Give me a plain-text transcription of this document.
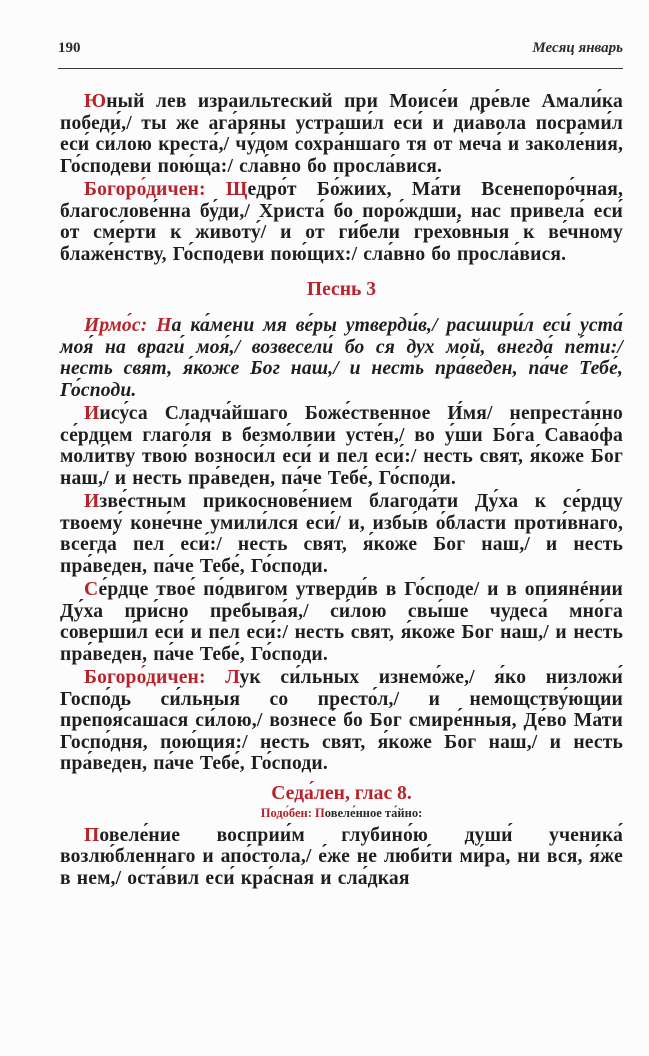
190	Месяц январь

Юный лев израильтеский при Моисе́и дре́вле Амали́ка победи́,/ ты же ага́ряны устраши́л еси́ и диа́вола посрами́л еси́ си́лою креста́,/ чу́дом сохра́ншаго тя от меча́ и заколе́ния, Го́сподеви пою́ща:/ сла́вно бо просла́вися.

Богоро́дичен: Щедро́т Бо́жиих, Ма́ти Всенепоро́чная, благослове́нна бу́ди,/ Христа́ бо поро́ждши, нас привела́ еси́ от сме́рти к животу́/ и от ги́бели грехо́вныя к ве́чному блаже́нству, Го́сподеви пою́щих:/ сла́вно бо просла́вися.

Песнь 3

Ирмо́с: На ка́мени мя ве́ры утверди́в,/ расшири́л еси́ уста́ моя́ на враги́ моя́,/ возвесели́ бо ся дух мой, внегда́ пе́ти:/ несть свят, я́коже Бог наш,/ и несть пра́веден, па́че Тебе́, Го́споди.

Иису́са Сладча́йшаго Боже́ственное И́мя/ непреста́нно се́рдцем глаго́ля в безмо́лвии усте́н,/ во у́ши Бо́га Савао́фа моли́тву твою́ возноси́л еси́ и пел еси́:/ несть свят, я́коже Бог наш,/ и несть пра́веден, па́че Тебе́, Го́споди.

Изве́стным прикоснове́нием благода́ти Ду́ха к се́рдцу твоему́ коне́чне умили́лся еси́/ и, избы́в о́бласти проти́внаго, всегда́ пел еси́:/ несть свят, я́коже Бог наш,/ и несть пра́веден, па́че Тебе́, Го́споди.

Се́рдце твое́ по́двигом утверди́в в Го́споде/ и в опиянéнии Ду́ха при́сно пребыва́я,/ си́лою свы́ше чудеса́ мно́га соверши́л еси́ и пел еси́:/ несть свят, я́коже Бог наш,/ и несть пра́веден, па́че Тебе́, Го́споди.

Богоро́дичен: Лук си́льных изнемо́же,/ я́ко низложи́ Госпо́дь си́льныя со престо́л,/ и немощству́ющии препоя́сашася си́лою,/ вознесе́ бо Бог смире́нныя, Де́во Ма́ти Госпо́дня, пою́щия:/ несть свят, я́коже Бог наш,/ и несть пра́веден, па́че Тебе́, Го́споди.

Седа́лен, глас 8.
Подо́бен: Повеле́нное та́йно:

Повеле́ние восприи́м глубино́ю души́ ученика́ возлю́бленнаго и апо́стола,/ е́же не люби́ти ми́ра, ни вся, я́же в нем,/ оста́вил еси́ кра́сная и сла́дкая
